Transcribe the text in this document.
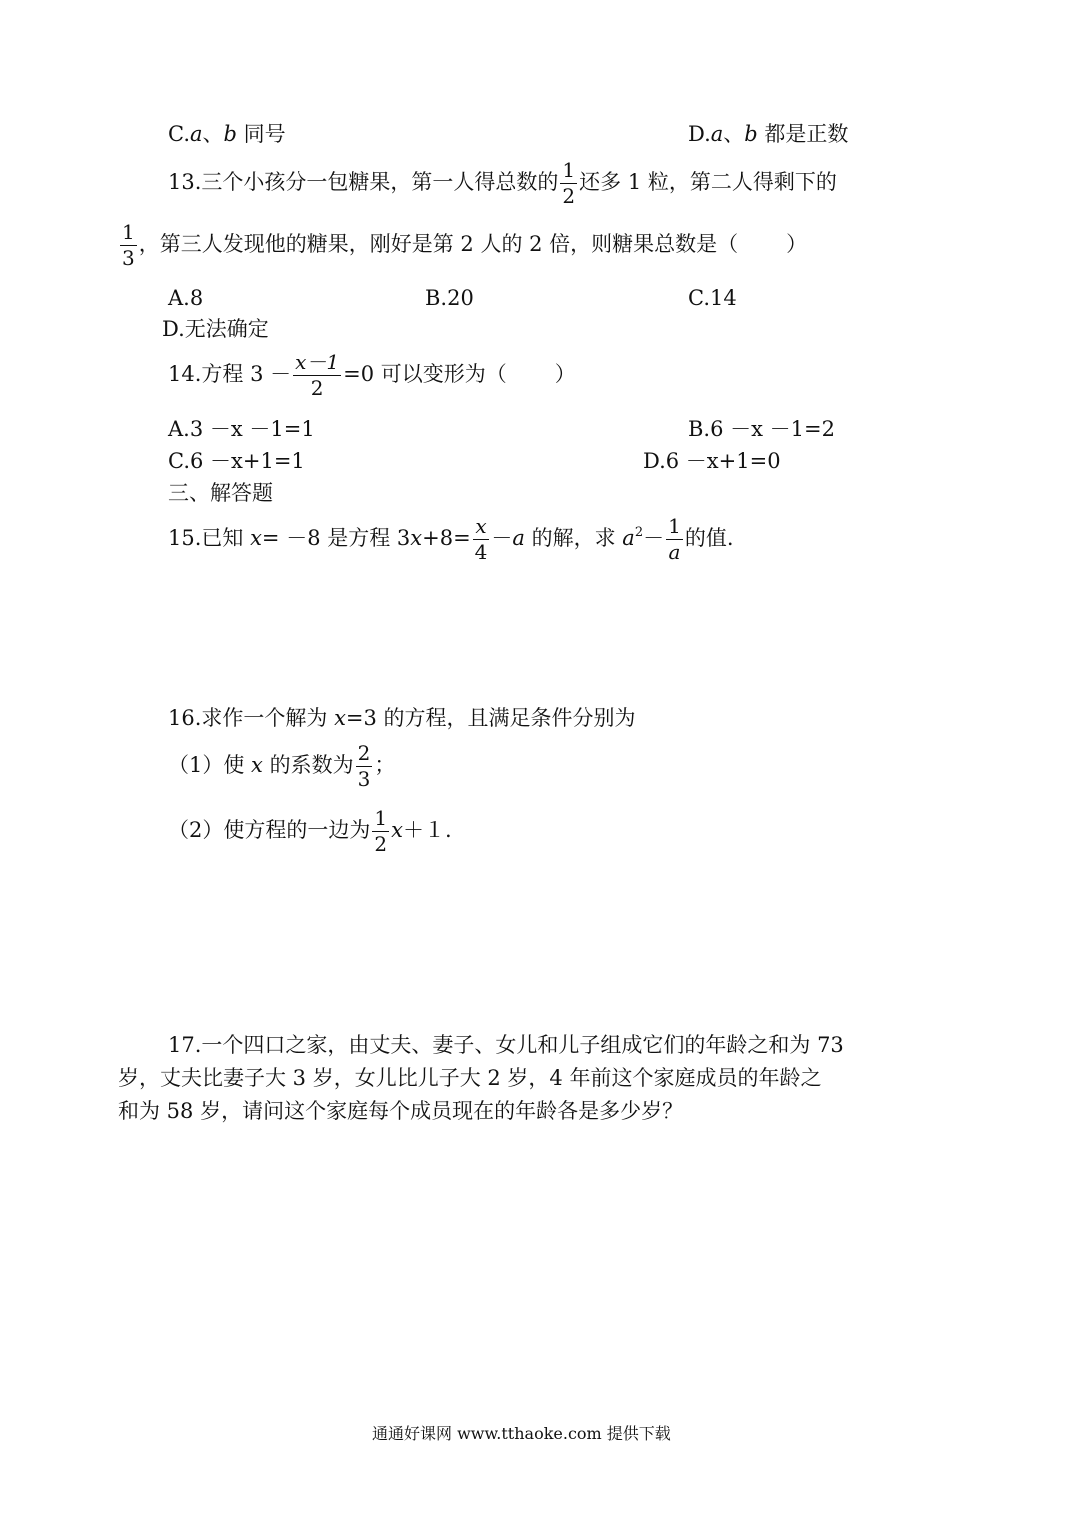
C.a、b 同号	D.a、b 都是正数
13.三个小孩分一包糖果，第一人得总数的 $\frac{1}{2}$ 还多 1 粒，第二人得剩下的
$\frac{1}{3}$ ，第三人发现他的糖果，刚好是第 2 人的 2 倍，则糖果总数是（ ）
A.8	B.20	C.14
D.无法确定
14.方程 $3 - \frac{x-1}{2} =0$ 可以变形为（ ）
A.3 －x －1=1	B.6 －x －1=2
C.6 －x+1=1	D.6 －x+1=0
三、解答题
15.已知 x= －8 是方程 $3x+8= \frac{x}{4} -a$ 的解，求 $a^2- \frac{1}{a}$ 的值.
16.求作一个解为 x=3 的方程，且满足条件分别为
（1）使 x 的系数为 $\frac{2}{3}$ ；
（2）使方程的一边为 $\frac{1}{2} x+1$.
17.一个四口之家，由丈夫、妻子、女儿和儿子组成它们的年龄之和为 73
岁，丈夫比妻子大 3 岁，女儿比儿子大 2 岁，4 年前这个家庭成员的年龄之
和为 58 岁，请问这个家庭每个成员现在的年龄各是多少岁？
通通好课网 www.tthaoke.com 提供下载
